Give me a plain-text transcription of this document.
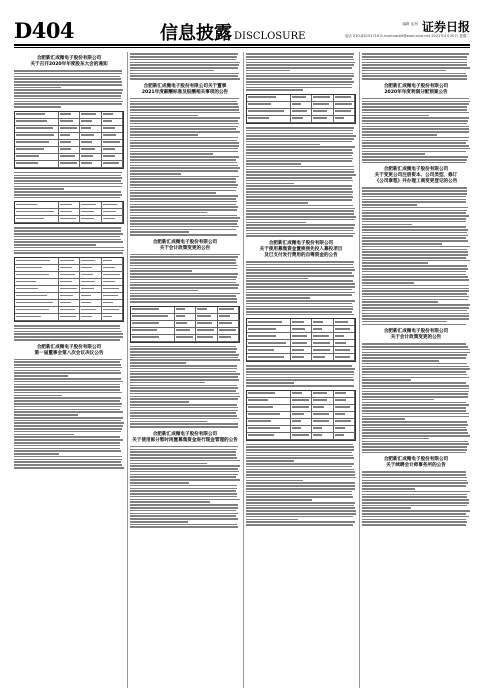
D404	信息披露 DISCLOSURE
编辑 孟珂 证券日报
电话 010-83251716 E-mail:zqrb9@zqrb.sina.net 2021年4月20日 星期二
合肥新汇成微电子股份有限公司
关于召开2020年年度股东大会的通知
合肥新汇成微电子股份有限公司
第一届董事会第八次会议决议公告
合肥新汇成微电子股份有限公司关于董事
2021年度薪酬标准及报酬相关事项的公告
合肥新汇成微电子股份有限公司
关于会计政策变更的公告
合肥新汇成微电子股份有限公司
关于使用部分暂时闲置募集资金进行现金管理的公告
合肥新汇成微电子股份有限公司
关于使用募集资金置换预先投入募投项目
及已支付发行费用的自筹资金的公告
合肥新汇成微电子股份有限公司
2020年年度利润分配预案公告
合肥新汇成微电子股份有限公司
关于变更公司注册资本、公司类型、修订
《公司章程》并办理工商变更登记的公告
合肥新汇成微电子股份有限公司
关于会计政策变更的公告
合肥新汇成微电子股份有限公司
关于续聘会计师事务所的公告
